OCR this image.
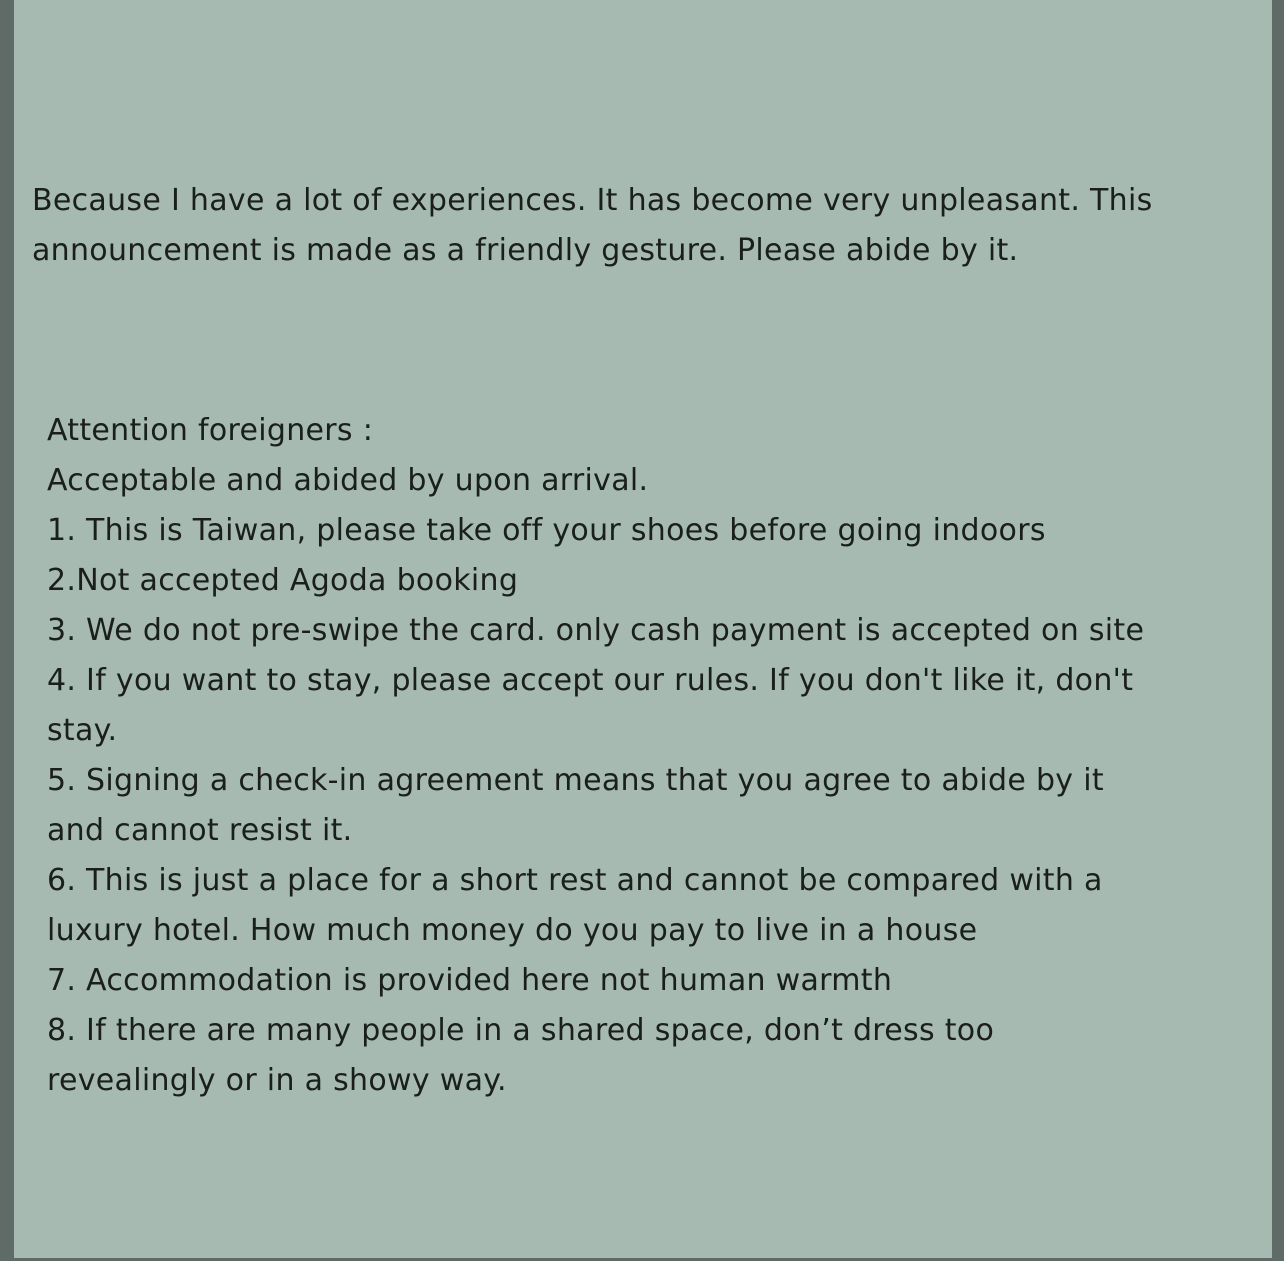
Because I have a lot of experiences. It has become very unpleasant. This
announcement is made as a friendly gesture. Please abide by it.
Attention foreigners :
Acceptable and abided by upon arrival.
1. This is Taiwan, please take off your shoes before going indoors
2.Not accepted Agoda booking
3. We do not pre-swipe the card. only cash payment is accepted on site
4. If you want to stay, please accept our rules. If you don't like it, don't
stay.
5. Signing a check-in agreement means that you agree to abide by it
and cannot resist it.
6. This is just a place for a short rest and cannot be compared with a
luxury hotel. How much money do you pay to live in a house
7. Accommodation is provided here not human warmth
8. If there are many people in a shared space, don’t dress too
revealingly or in a showy way.
